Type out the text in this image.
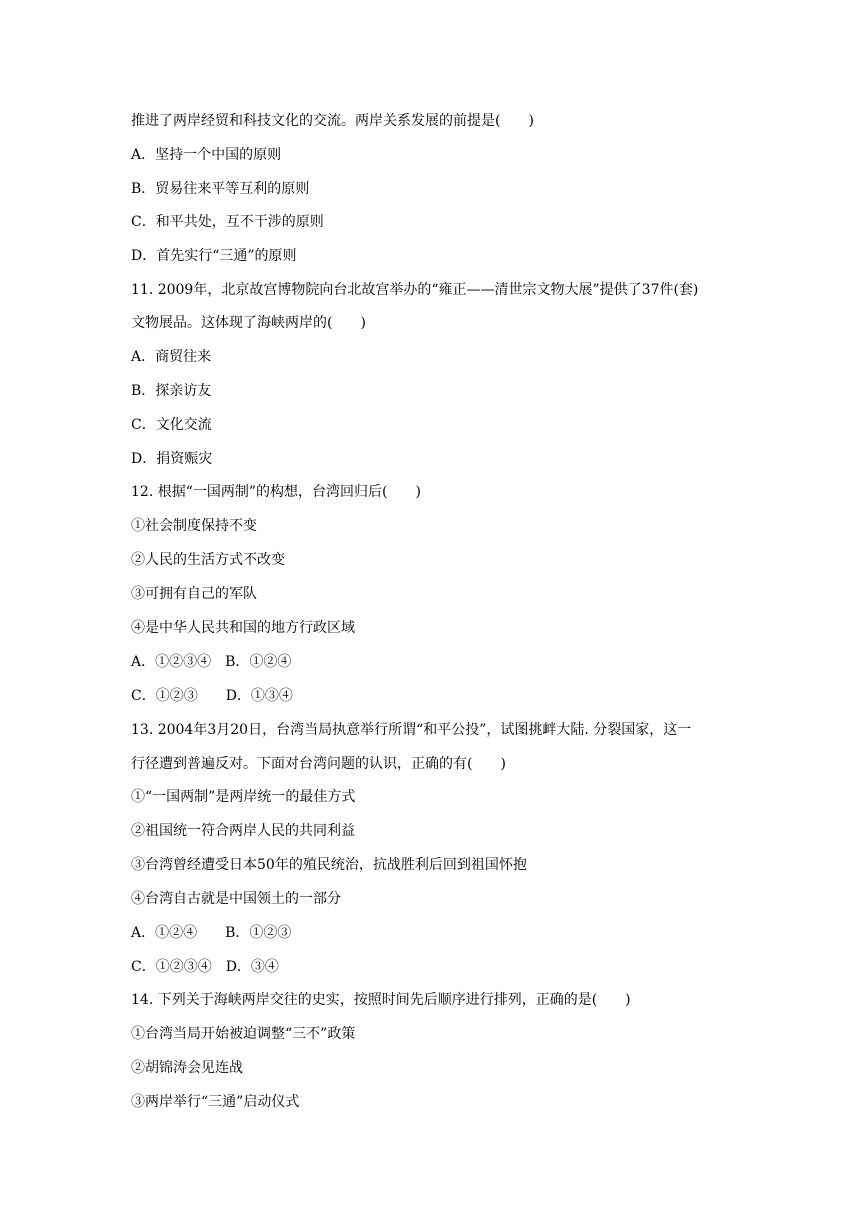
推进了两岸经贸和科技文化的交流。两岸关系发展的前提是(　　)
A．坚持一个中国的原则
B．贸易往来平等互利的原则
C．和平共处，互不干涉的原则
D．首先实行“三通”的原则
11. 2009年，北京故宫博物院向台北故宫举办的“雍正——清世宗文物大展”提供了37件(套)
文物展品。这体现了海峡两岸的(　　)
A．商贸往来
B．探亲访友
C．文化交流
D．捐资赈灾
12. 根据“一国两制”的构想，台湾回归后(　　)
①社会制度保持不变
②人民的生活方式不改变
③可拥有自己的军队
④是中华人民共和国的地方行政区域
A．①②③④　B．①②④
C．①②③　　D．①③④
13. 2004年3月20日，台湾当局执意举行所谓“和平公投”，试图挑衅大陆. 分裂国家，这一
行径遭到普遍反对。下面对台湾问题的认识，正确的有(　　)
①“一国两制”是两岸统一的最佳方式
②祖国统一符合两岸人民的共同利益
③台湾曾经遭受日本50年的殖民统治，抗战胜利后回到祖国怀抱
④台湾自古就是中国领土的一部分
A．①②④　　B．①②③
C．①②③④　D．③④
14. 下列关于海峡两岸交往的史实，按照时间先后顺序进行排列，正确的是(　　)
①台湾当局开始被迫调整“三不”政策
②胡锦涛会见连战
③两岸举行“三通”启动仪式
